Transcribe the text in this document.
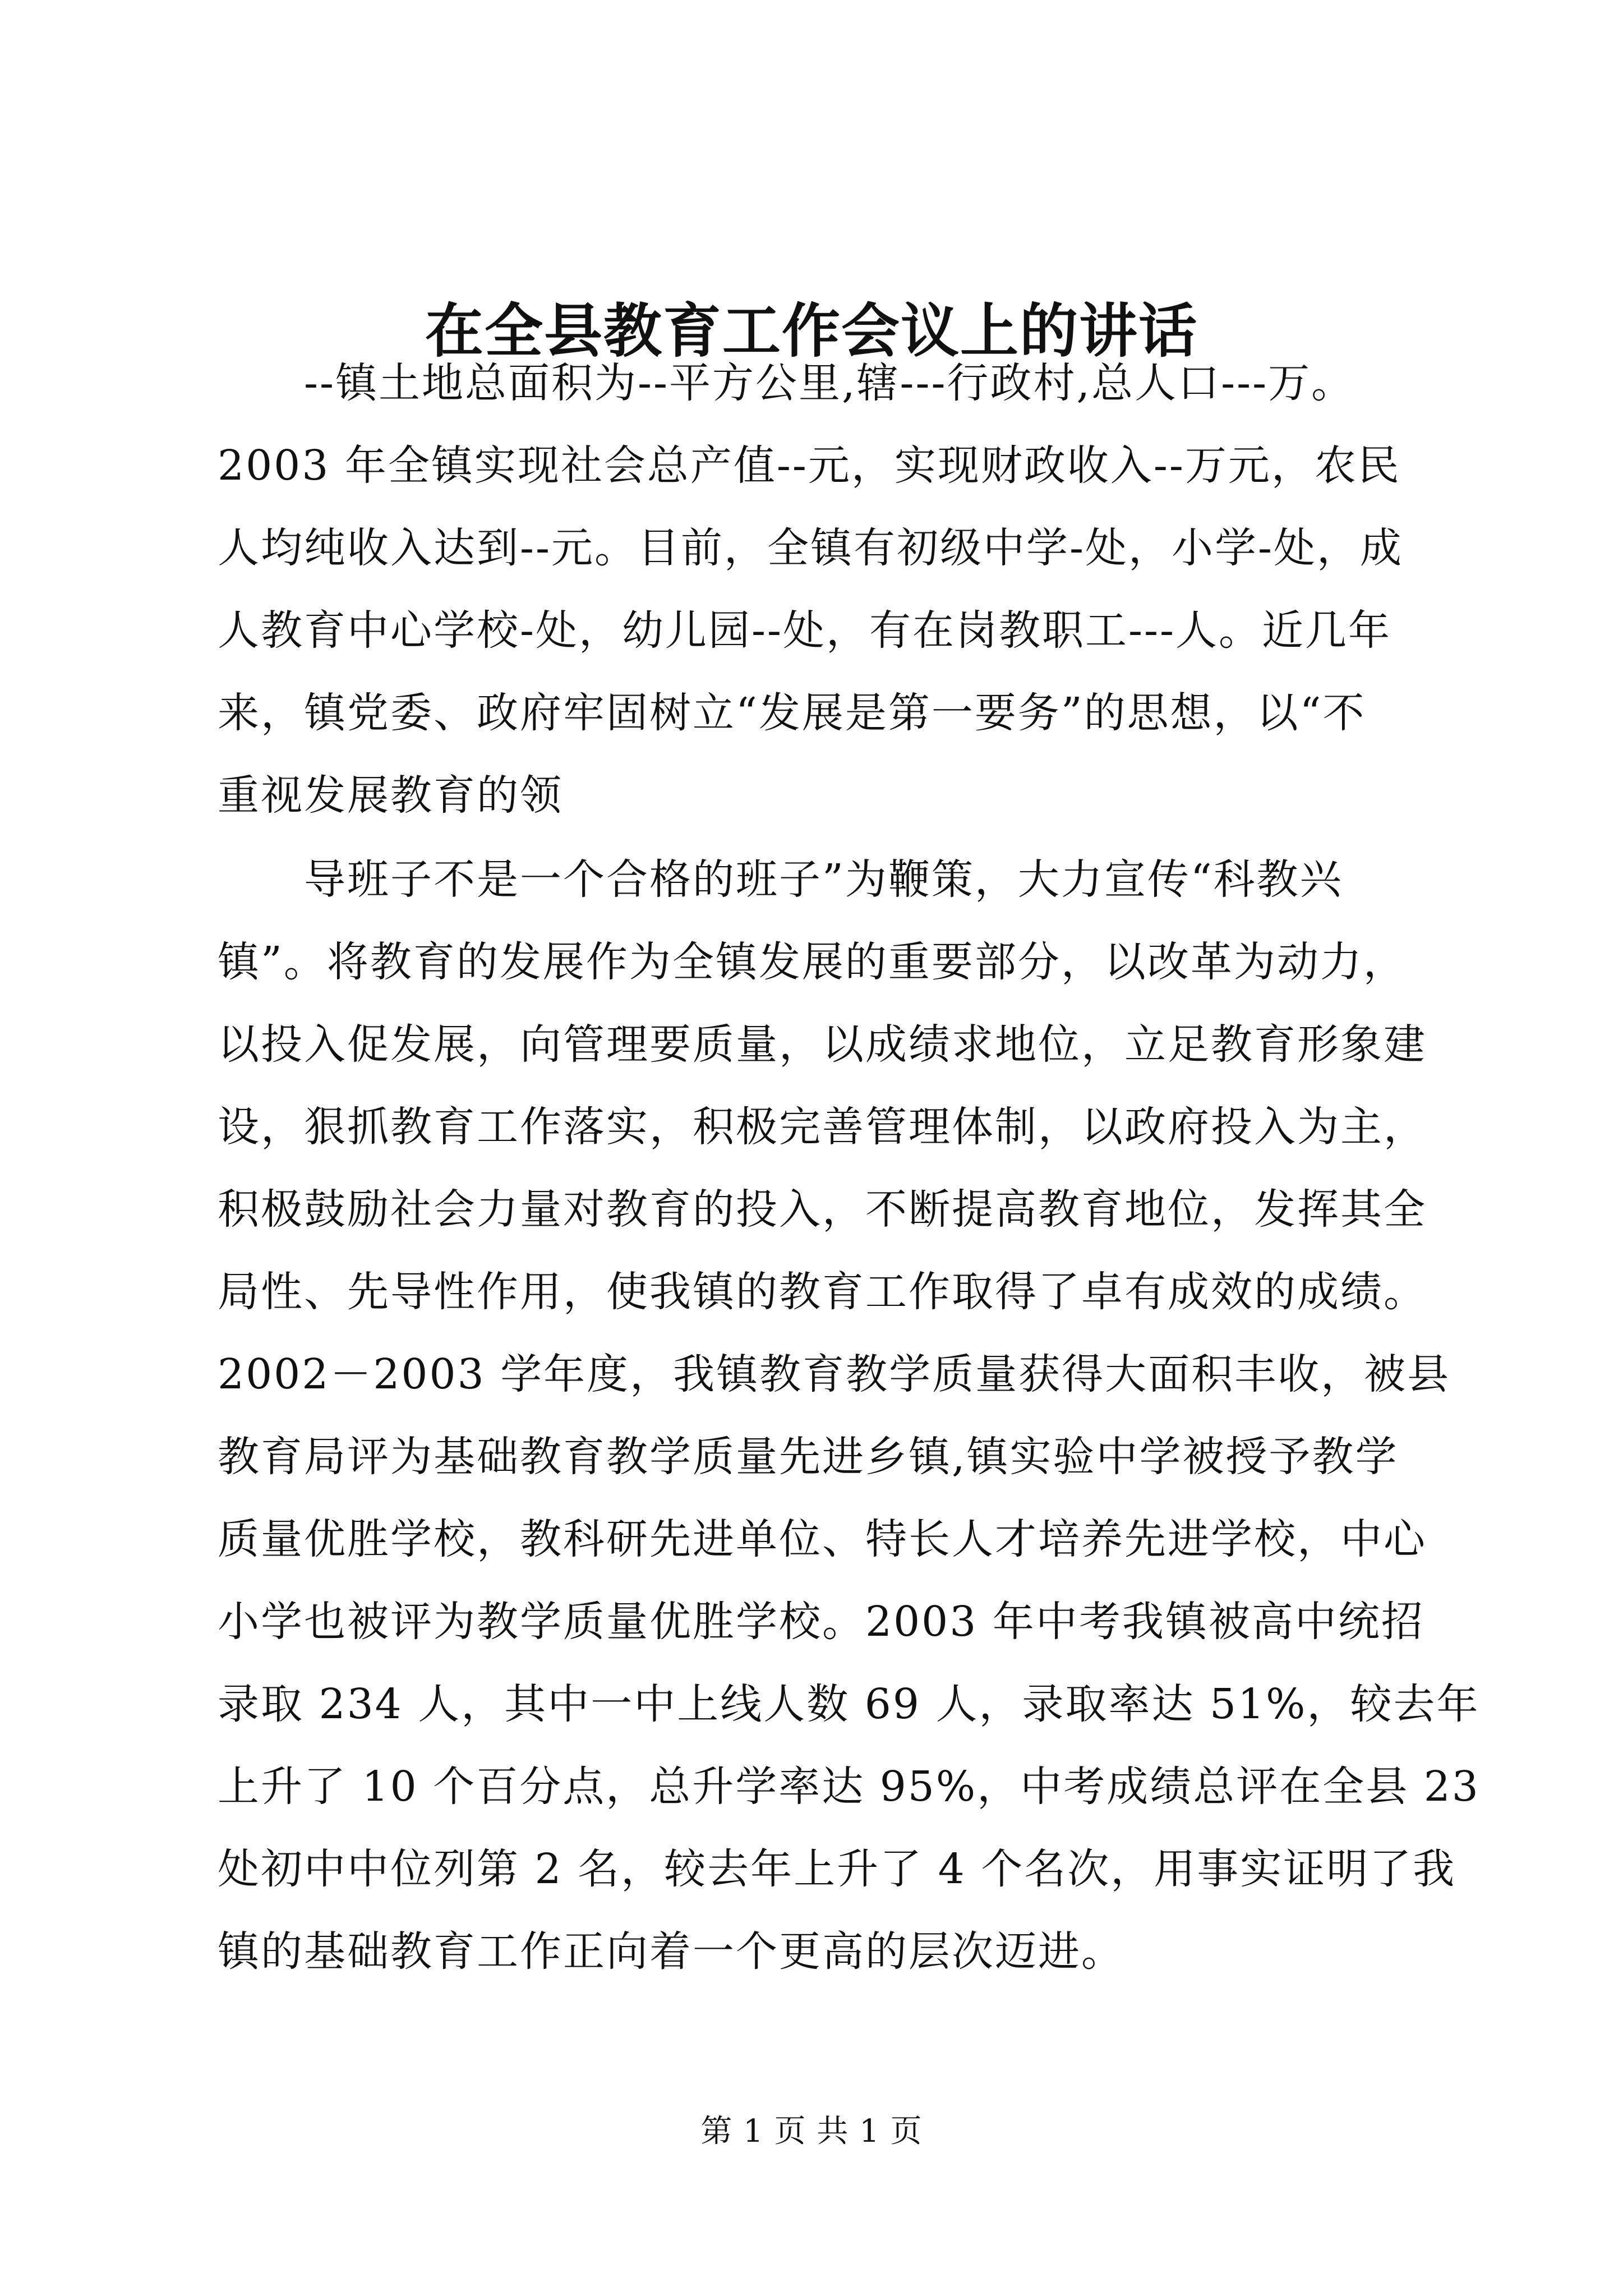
在全县教育工作会议上的讲话
　　--镇土地总面积为--平方公里,辖---行政村,总人口---万。
2003 年全镇实现社会总产值--元，实现财政收入--万元，农民
人均纯收入达到--元。目前，全镇有初级中学-处，小学-处，成
人教育中心学校-处，幼儿园--处，有在岗教职工---人。近几年
来，镇党委、政府牢固树立“发展是第一要务”的思想，以“不
重视发展教育的领
　　导班子不是一个合格的班子”为鞭策，大力宣传“科教兴
镇”。将教育的发展作为全镇发展的重要部分，以改革为动力，
以投入促发展，向管理要质量，以成绩求地位，立足教育形象建
设，狠抓教育工作落实，积极完善管理体制，以政府投入为主，
积极鼓励社会力量对教育的投入，不断提高教育地位，发挥其全
局性、先导性作用，使我镇的教育工作取得了卓有成效的成绩。
2002－2003 学年度，我镇教育教学质量获得大面积丰收，被县
教育局评为基础教育教学质量先进乡镇,镇实验中学被授予教学
质量优胜学校，教科研先进单位、特长人才培养先进学校，中心
小学也被评为教学质量优胜学校。2003 年中考我镇被高中统招
录取 234 人，其中一中上线人数 69 人，录取率达 51%，较去年
上升了 10 个百分点，总升学率达 95%，中考成绩总评在全县 23
处初中中位列第 2 名，较去年上升了 4 个名次，用事实证明了我
镇的基础教育工作正向着一个更高的层次迈进。
第 1 页 共 1 页
